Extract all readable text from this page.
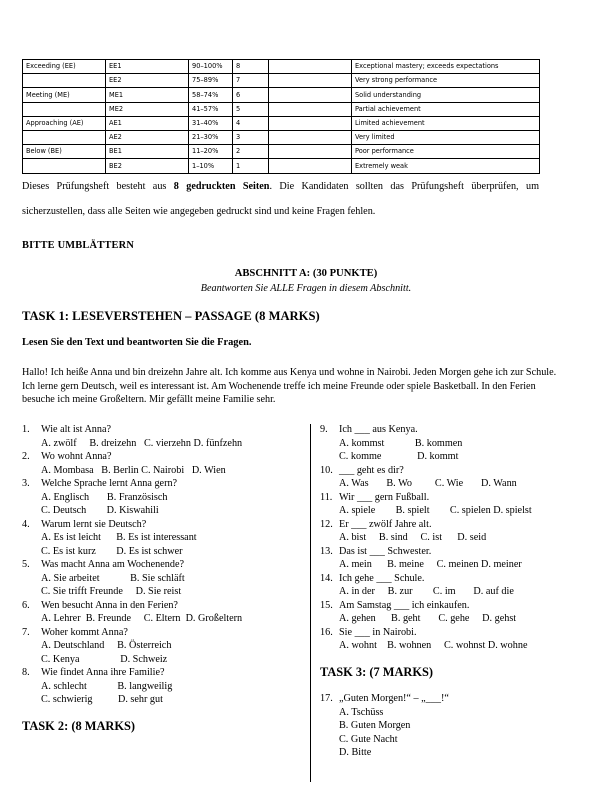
Exceeding (EE)	EE1	90–100%	8		Exceptional mastery; exceeds expectations
	EE2	75–89%	7		Very strong performance
Meeting (ME)	ME1	58–74%	6		Solid understanding
	ME2	41–57%	5		Partial achievement
Approaching (AE)	AE1	31–40%	4		Limited achievement
	AE2	21–30%	3		Very limited
Below (BE)	BE1	11–20%	2		Poor performance
	BE2	1–10%	1		Extremely weak
Dieses Prüfungsheft besteht aus 8 gedruckten Seiten. Die Kandidaten sollten das Prüfungsheft überprüfen, um sicherzustellen, dass alle Seiten wie angegeben gedruckt sind und keine Fragen fehlen.
BITTE UMBLÄTTERN
ABSCHNITT A: (30 PUNKTE)
Beantworten Sie ALLE Fragen in diesem Abschnitt.
TASK 1: LESEVERSTEHEN – PASSAGE (8 MARKS)
Lesen Sie den Text und beantworten Sie die Fragen.
Hallo! Ich heiße Anna und bin dreizehn Jahre alt. Ich komme aus Kenya und wohne in Nairobi. Jeden Morgen gehe ich zur Schule. Ich lerne gern Deutsch, weil es interessant ist. Am Wochenende treffe ich meine Freunde oder spiele Basketball. In den Ferien besuche ich meine Großeltern. Mir gefällt meine Familie sehr.
1.	Wie alt ist Anna?
A. zwölf     B. dreizehn   C. vierzehn D. fünfzehn
2.	Wo wohnt Anna?
A. Mombasa   B. Berlin C. Nairobi   D. Wien
3.	Welche Sprache lernt Anna gern?
A. Englisch       B. Französisch
C. Deutsch        D. Kiswahili
4.	Warum lernt sie Deutsch?
A. Es ist leicht      B. Es ist interessant
C. Es ist kurz        D. Es ist schwer
5.	Was macht Anna am Wochenende?
A. Sie arbeitet            B. Sie schläft
C. Sie trifft Freunde     D. Sie reist
6.	Wen besucht Anna in den Ferien?
A. Lehrer  B. Freunde     C. Eltern  D. Großeltern
7.	Woher kommt Anna?
A. Deutschland     B. Österreich
C. Kenya                D. Schweiz
8.	Wie findet Anna ihre Familie?
A. schlecht            B. langweilig
C. schwierig          D. sehr gut
TASK 2: (8 MARKS)
9.	Ich ___ aus Kenya.
A. kommst            B. kommen
C. komme              D. kommt
10. ___ geht es dir?
A. Was       B. Wo         C. Wie       D. Wann
11. Wir ___ gern Fußball.
A. spiele        B. spielt        C. spielen D. spielst
12. Er ___ zwölf Jahre alt.
A. bist     B. sind     C. ist      D. seid
13. Das ist ___ Schwester.
A. mein      B. meine     C. meinen D. meiner
14. Ich gehe ___ Schule.
A. in der     B. zur        C. im       D. auf die
15. Am Samstag ___ ich einkaufen.
A. gehen      B. geht       C. gehe     D. gehst
16. Sie ___ in Nairobi.
A. wohnt    B. wohnen     C. wohnst D. wohne
TASK 3: (7 MARKS)
17. „Guten Morgen!“ – „___!“
A. Tschüss
B. Guten Morgen
C. Gute Nacht
D. Bitte
